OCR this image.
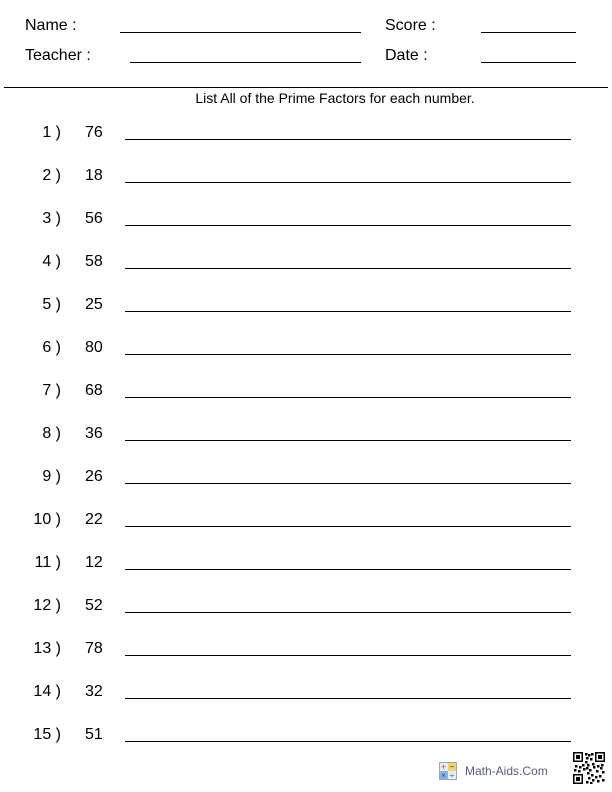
Name :	Score :
Teacher :	Date :
List All of the Prime Factors for each number.
1 ) 76
2 ) 18
3 ) 56
4 ) 58
5 ) 25
6 ) 80
7 ) 68
8 ) 36
9 ) 26
10 ) 22
11 ) 12
12 ) 52
13 ) 78
14 ) 32
15 ) 51
+ −
× ÷ Math-Aids.Com
